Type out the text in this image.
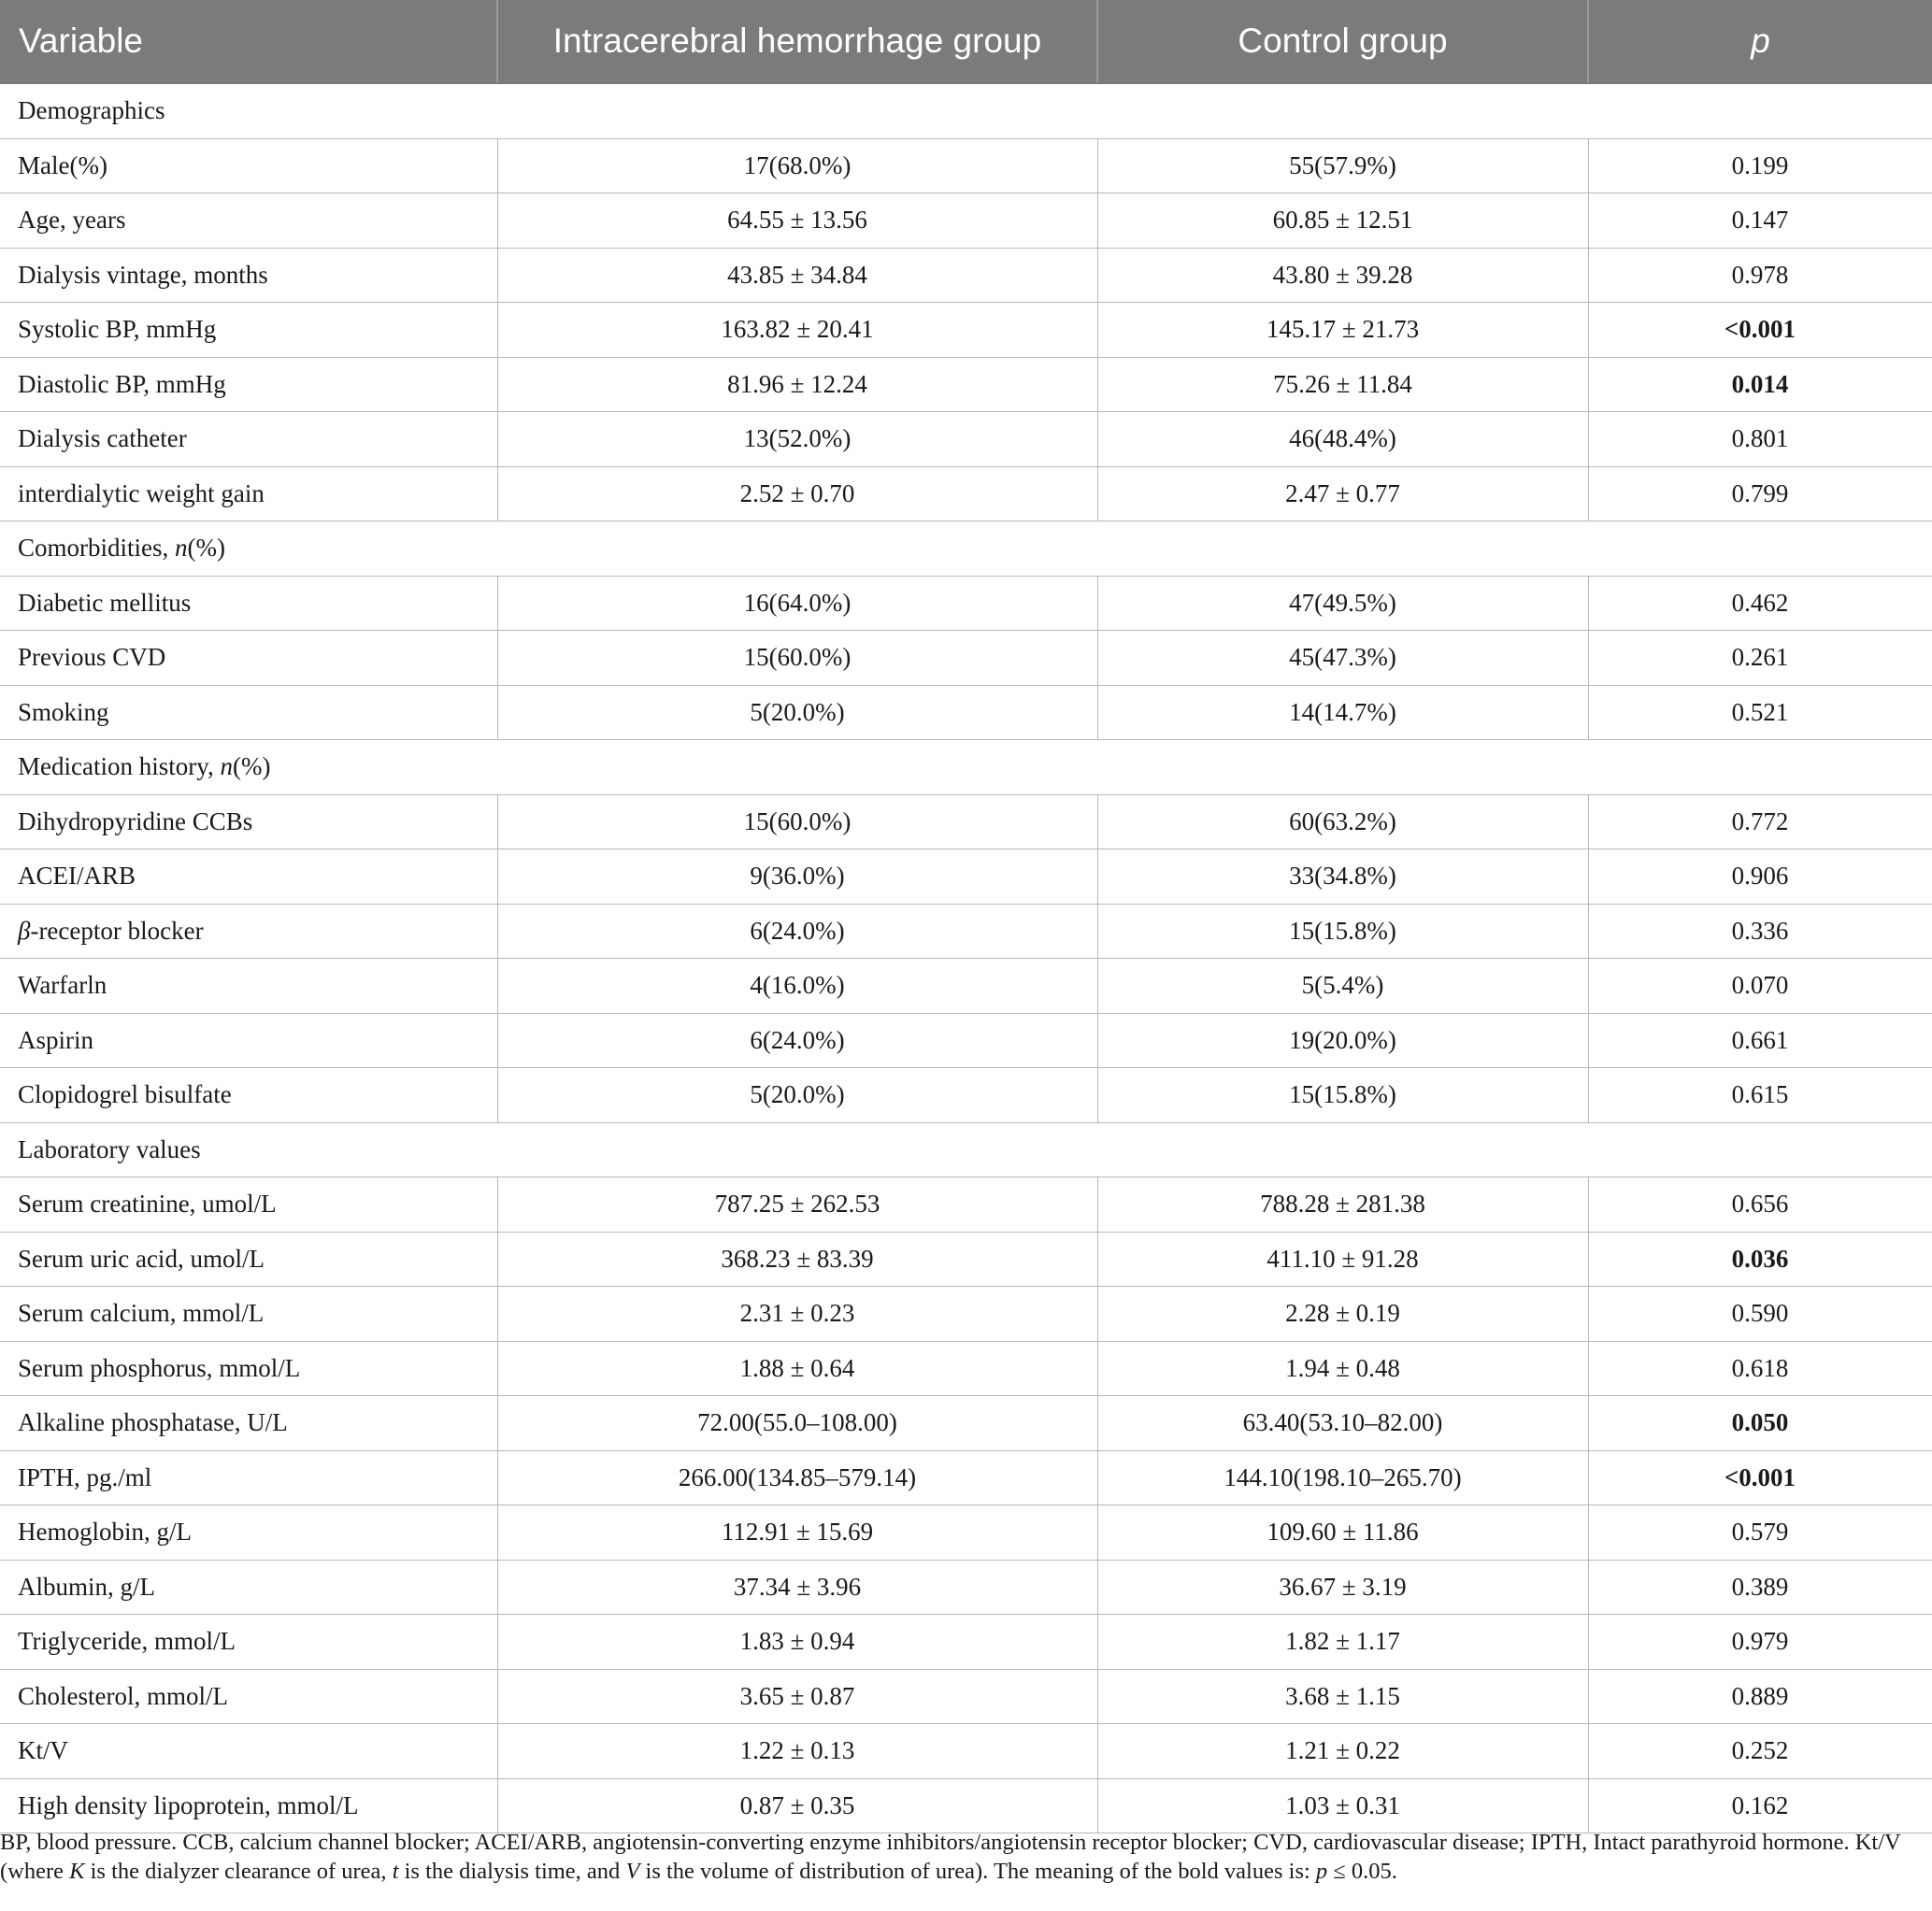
Variable	Intracerebral hemorrhage group	Control group	p
Demographics			
Male(%)	17(68.0%)	55(57.9%)	0.199
Age, years	64.55 ± 13.56	60.85 ± 12.51	0.147
Dialysis vintage, months	43.85 ± 34.84	43.80 ± 39.28	0.978
Systolic BP, mmHg	163.82 ± 20.41	145.17 ± 21.73	<0.001
Diastolic BP, mmHg	81.96 ± 12.24	75.26 ± 11.84	0.014
Dialysis catheter	13(52.0%)	46(48.4%)	0.801
interdialytic weight gain	2.52 ± 0.70	2.47 ± 0.77	0.799
Comorbidities, n(%)			
Diabetic mellitus	16(64.0%)	47(49.5%)	0.462
Previous CVD	15(60.0%)	45(47.3%)	0.261
Smoking	5(20.0%)	14(14.7%)	0.521
Medication history, n(%)			
Dihydropyridine CCBs	15(60.0%)	60(63.2%)	0.772
ACEI/ARB	9(36.0%)	33(34.8%)	0.906
β-receptor blocker	6(24.0%)	15(15.8%)	0.336
Warfarln	4(16.0%)	5(5.4%)	0.070
Aspirin	6(24.0%)	19(20.0%)	0.661
Clopidogrel bisulfate	5(20.0%)	15(15.8%)	0.615
Laboratory values			
Serum creatinine, umol/L	787.25 ± 262.53	788.28 ± 281.38	0.656
Serum uric acid, umol/L	368.23 ± 83.39	411.10 ± 91.28	0.036
Serum calcium, mmol/L	2.31 ± 0.23	2.28 ± 0.19	0.590
Serum phosphorus, mmol/L	1.88 ± 0.64	1.94 ± 0.48	0.618
Alkaline phosphatase, U/L	72.00(55.0–108.00)	63.40(53.10–82.00)	0.050
IPTH, pg./ml	266.00(134.85–579.14)	144.10(198.10–265.70)	<0.001
Hemoglobin, g/L	112.91 ± 15.69	109.60 ± 11.86	0.579
Albumin, g/L	37.34 ± 3.96	36.67 ± 3.19	0.389
Triglyceride, mmol/L	1.83 ± 0.94	1.82 ± 1.17	0.979
Cholesterol, mmol/L	3.65 ± 0.87	3.68 ± 1.15	0.889
Kt/V	1.22 ± 0.13	1.21 ± 0.22	0.252
High density lipoprotein, mmol/L	0.87 ± 0.35	1.03 ± 0.31	0.162

BP, blood pressure. CCB, calcium channel blocker; ACEI/ARB, angiotensin-converting enzyme inhibitors/angiotensin receptor blocker; CVD, cardiovascular disease; IPTH, Intact parathyroid hormone. Kt/V (where K is the dialyzer clearance of urea, t is the dialysis time, and V is the volume of distribution of urea). The meaning of the bold values is: p ≤ 0.05.
